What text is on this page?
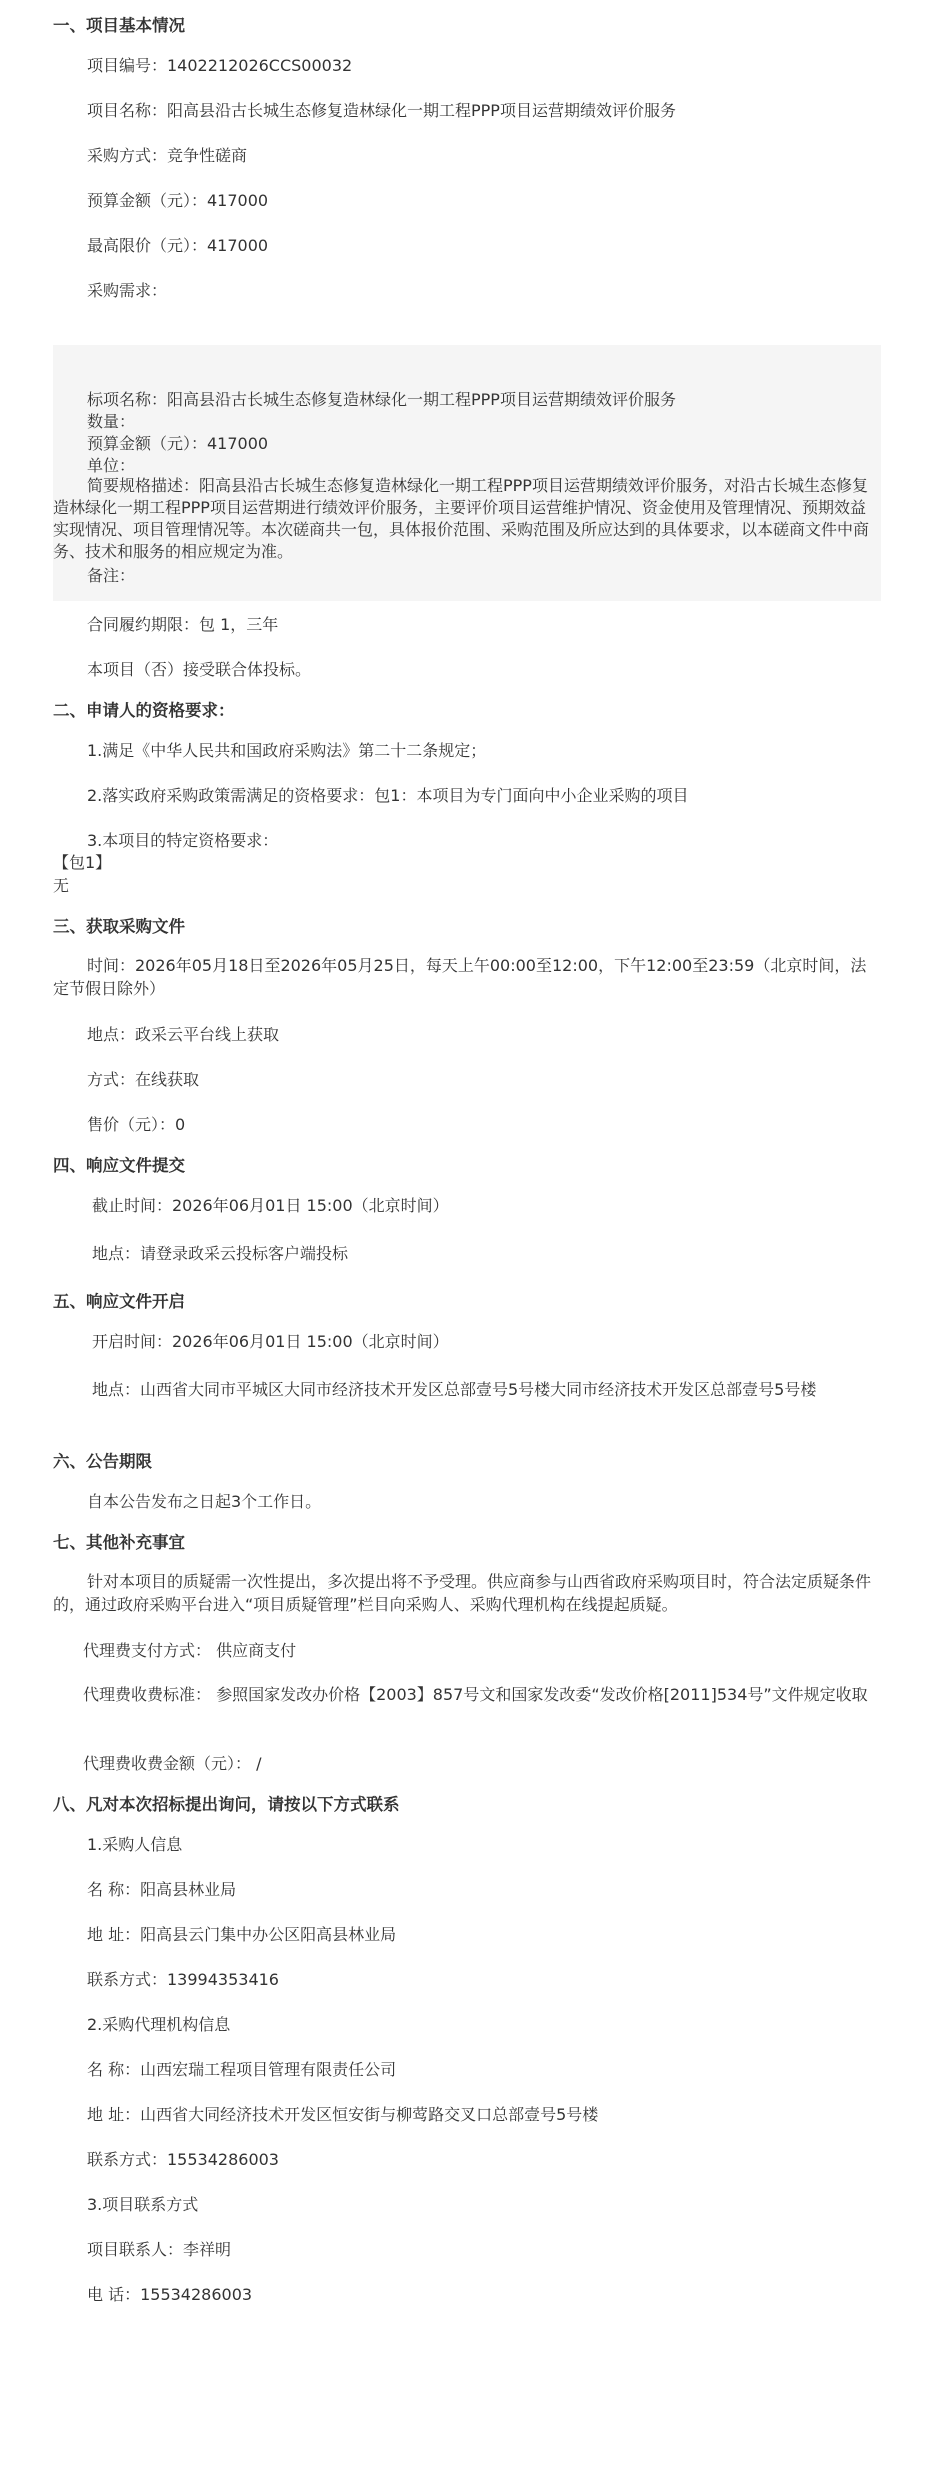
一、项目基本情况
项目编号：1402212026CCS00032
项目名称：阳高县沿古长城生态修复造林绿化一期工程PPP项目运营期绩效评价服务
采购方式：竞争性磋商
预算金额（元）：417000
最高限价（元）：417000
采购需求：
标项名称：阳高县沿古长城生态修复造林绿化一期工程PPP项目运营期绩效评价服务
数量：
预算金额（元）：417000
单位：
简要规格描述：阳高县沿古长城生态修复造林绿化一期工程PPP项目运营期绩效评价服务，对沿古长城生态修复造林绿化一期工程PPP项目运营期进行绩效评价服务，主要评价项目运营维护情况、资金使用及管理情况、预期效益实现情况、项目管理情况等。本次磋商共一包，具体报价范围、采购范围及所应达到的具体要求，以本磋商文件中商务、技术和服务的相应规定为准。
备注：
合同履约期限：包 1，三年
本项目（否）接受联合体投标。
二、申请人的资格要求：
1.满足《中华人民共和国政府采购法》第二十二条规定；
2.落实政府采购政策需满足的资格要求：包1：本项目为专门面向中小企业采购的项目
3.本项目的特定资格要求：
【包1】
无
三、获取采购文件
时间：2026年05月18日至2026年05月25日，每天上午00:00至12:00，下午12:00至23:59（北京时间，法定节假日除外）
地点：政采云平台线上获取
方式：在线获取
售价（元）：0
四、响应文件提交
截止时间：2026年06月01日 15:00（北京时间）
地点：请登录政采云投标客户端投标
五、响应文件开启
开启时间：2026年06月01日 15:00（北京时间）
地点：山西省大同市平城区大同市经济技术开发区总部壹号5号楼大同市经济技术开发区总部壹号5号楼
六、公告期限
自本公告发布之日起3个工作日。
七、其他补充事宜
针对本项目的质疑需一次性提出，多次提出将不予受理。供应商参与山西省政府采购项目时，符合法定质疑条件的，通过政府采购平台进入“项目质疑管理”栏目向采购人、采购代理机构在线提起质疑。
代理费支付方式： 供应商支付
代理费收费标准： 参照国家发改办价格【2003】857号文和国家发改委“发改价格[2011]534号”文件规定收取
代理费收费金额（元）： /
八、凡对本次招标提出询问，请按以下方式联系
1.采购人信息
名 称：阳高县林业局
地 址：阳高县云门集中办公区阳高县林业局
联系方式：13994353416
2.采购代理机构信息
名 称：山西宏瑞工程项目管理有限责任公司
地 址：山西省大同经济技术开发区恒安街与柳莺路交叉口总部壹号5号楼
联系方式：15534286003
3.项目联系方式
项目联系人：李祥明
电 话：15534286003
